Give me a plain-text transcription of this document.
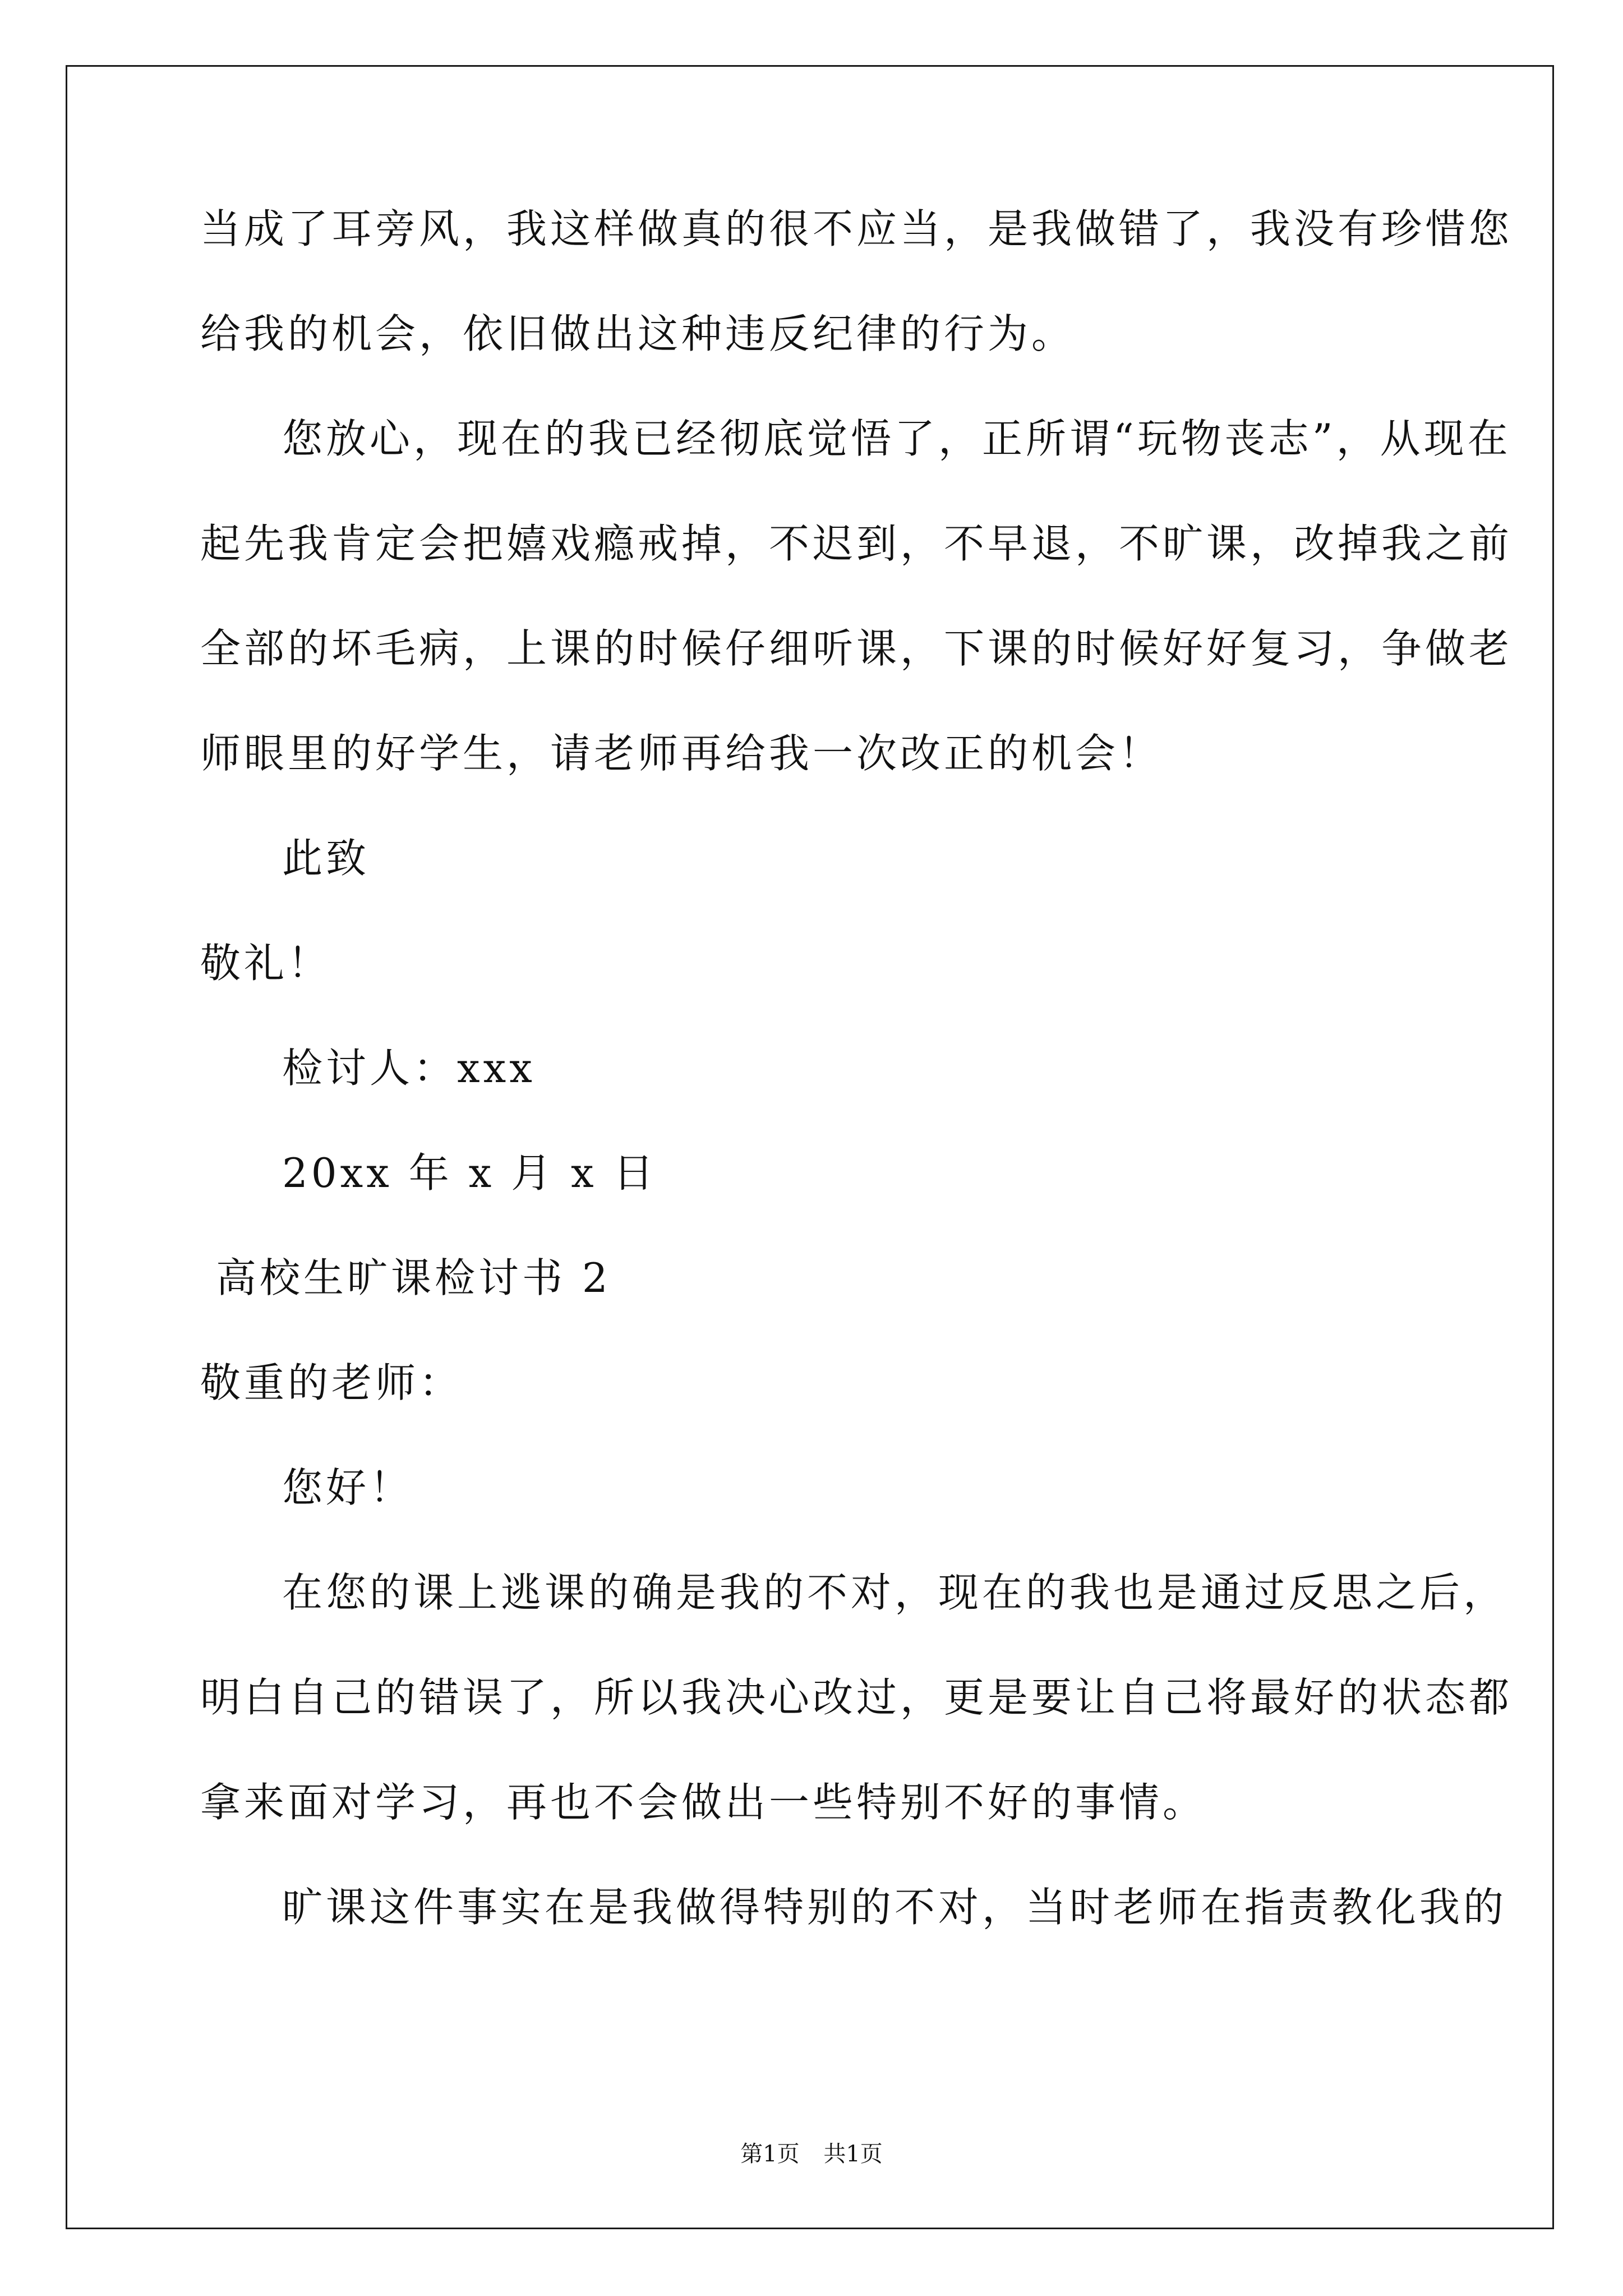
当成了耳旁风，我这样做真的很不应当，是我做错了，我没有珍惜您
给我的机会，依旧做出这种违反纪律的行为。
您放心，现在的我已经彻底觉悟了，正所谓“玩物丧志”，从现在
起先我肯定会把嬉戏瘾戒掉，不迟到，不早退，不旷课，改掉我之前
全部的坏毛病，上课的时候仔细听课，下课的时候好好复习，争做老
师眼里的好学生，请老师再给我一次改正的机会！
此致
敬礼！
检讨人：xxx
20xx 年 x 月 x 日
高校生旷课检讨书 2
敬重的老师：
您好！
在您的课上逃课的确是我的不对，现在的我也是通过反思之后，
明白自己的错误了，所以我决心改过，更是要让自己将最好的状态都
拿来面对学习，再也不会做出一些特别不好的事情。
旷课这件事实在是我做得特别的不对，当时老师在指责教化我的
第1页 共1页
